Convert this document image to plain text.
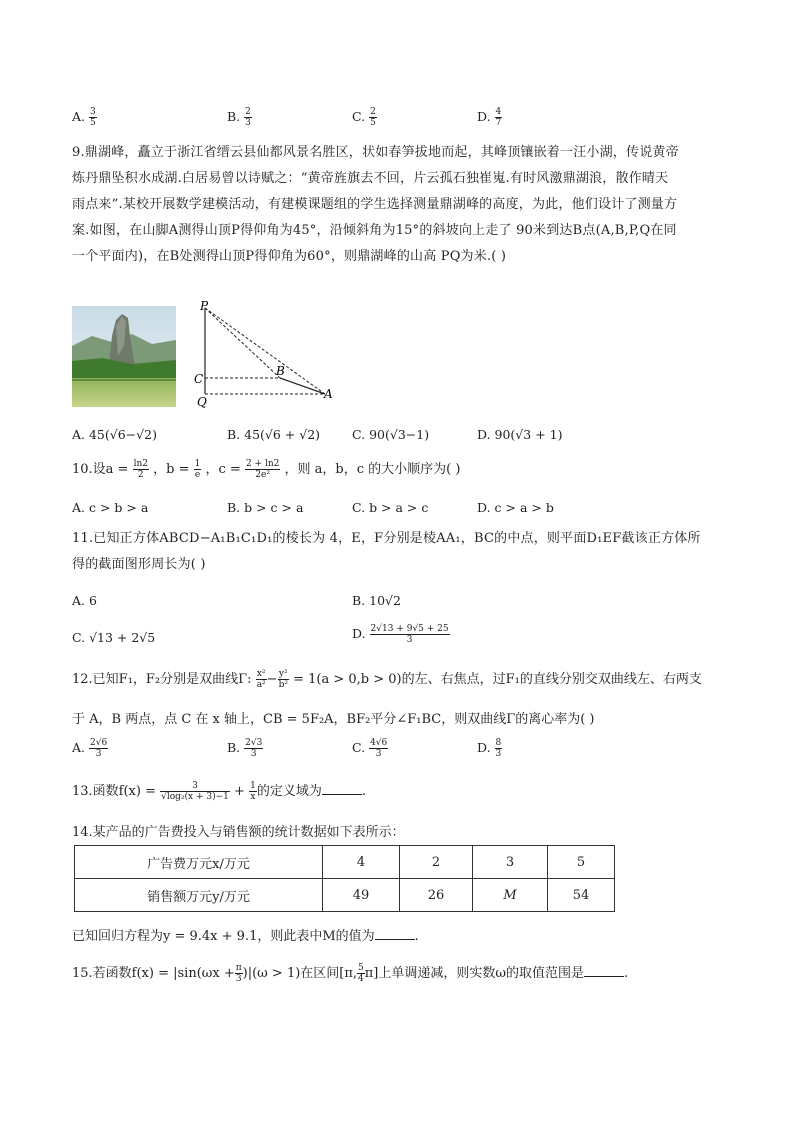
A. $\frac{3}{5}$	B. $\frac{2}{3}$	C. $\frac{2}{5}$	D. $\frac{4}{7}$
9.鼎湖峰，矗立于浙江省缙云县仙都风景名胜区，状如春笋拔地而起，其峰顶镶嵌着一汪小湖，传说黄帝
炼丹鼎坠积水成湖.白居易曾以诗赋之：“黄帝旌旗去不回，片云孤石独崔嵬.有时风激鼎湖浪，散作晴天
雨点来”.某校开展数学建模活动，有建模课题组的学生选择测量鼎湖峰的高度，为此，他们设计了测量方
案.如图，在山脚A测得山顶P得仰角为45°，沿倾斜角为15°的斜坡向上走了 90米到达B点(A,B,P,Q在同
一个平面内)，在B处测得山顶P得仰角为60°，则鼎湖峰的山高 PQ为米.( )
P
B
C
Q
A
A. 45(√6−√2)	B. 45(√6 + √2)	C. 90(√3−1)	D. 90(√3 + 1)
10.设$a = \frac{\ln 2}{2}$ ，$b = \frac{1}{e}$ ，$c = \frac{2 + \ln 2}{\text{2e²}}$ ，则 a，b，c 的大小顺序为( )
A. c > b > a	B. b > c > a	C. b > a > c	D. c > a > b
11.已知正方体ABCD−A₁B₁C₁D₁的棱长为 4，E，F分别是棱AA₁，BC的中点，则平面D₁EF截该正方体所
得的截面图形周长为( )
A. 6	B. 10√2
C. √13 + 2√5	D. $\frac{2√13 + 9√5 + 25}{3}$
12.已知F₁，F₂分别是双曲线Γ: $\frac{\text{x²}}{\text{a²}} - \frac{\text{y²}}{\text{b²}} = 1(a > 0,b > 0)$的左、右焦点，过F₁的直线分别交双曲线左、右两支
于 A，B 两点，点 C 在 x 轴上，CB = 5F₂A，BF₂平分∠F₁BC，则双曲线Γ的离心率为( )
A. $\frac{2√6}{3}$	B. $\frac{2√3}{3}$	C. $\frac{4√6}{3}$	D. $\frac{8}{3}$
13.函数$f(x) = \frac{3}{\text{√log₂(x + 3)−1}} + \frac{1}{x}$ 的定义域为	.
14.某产品的广告费投入与销售额的统计数据如下表所示：
广告费万元x/万元	4	2	3	5
销售额万元y/万元	49	26	M	54
已知回归方程为y = 9.4x + 9.1，则此表中M的值为	.
15.若函数$f(x) = |\sin(\omega x + \frac{\pi}{3} )|(\omega > 1)$在区间[π, $\frac{5}{4} \pi$]上单调递减，则实数ω的取值范围是	.
